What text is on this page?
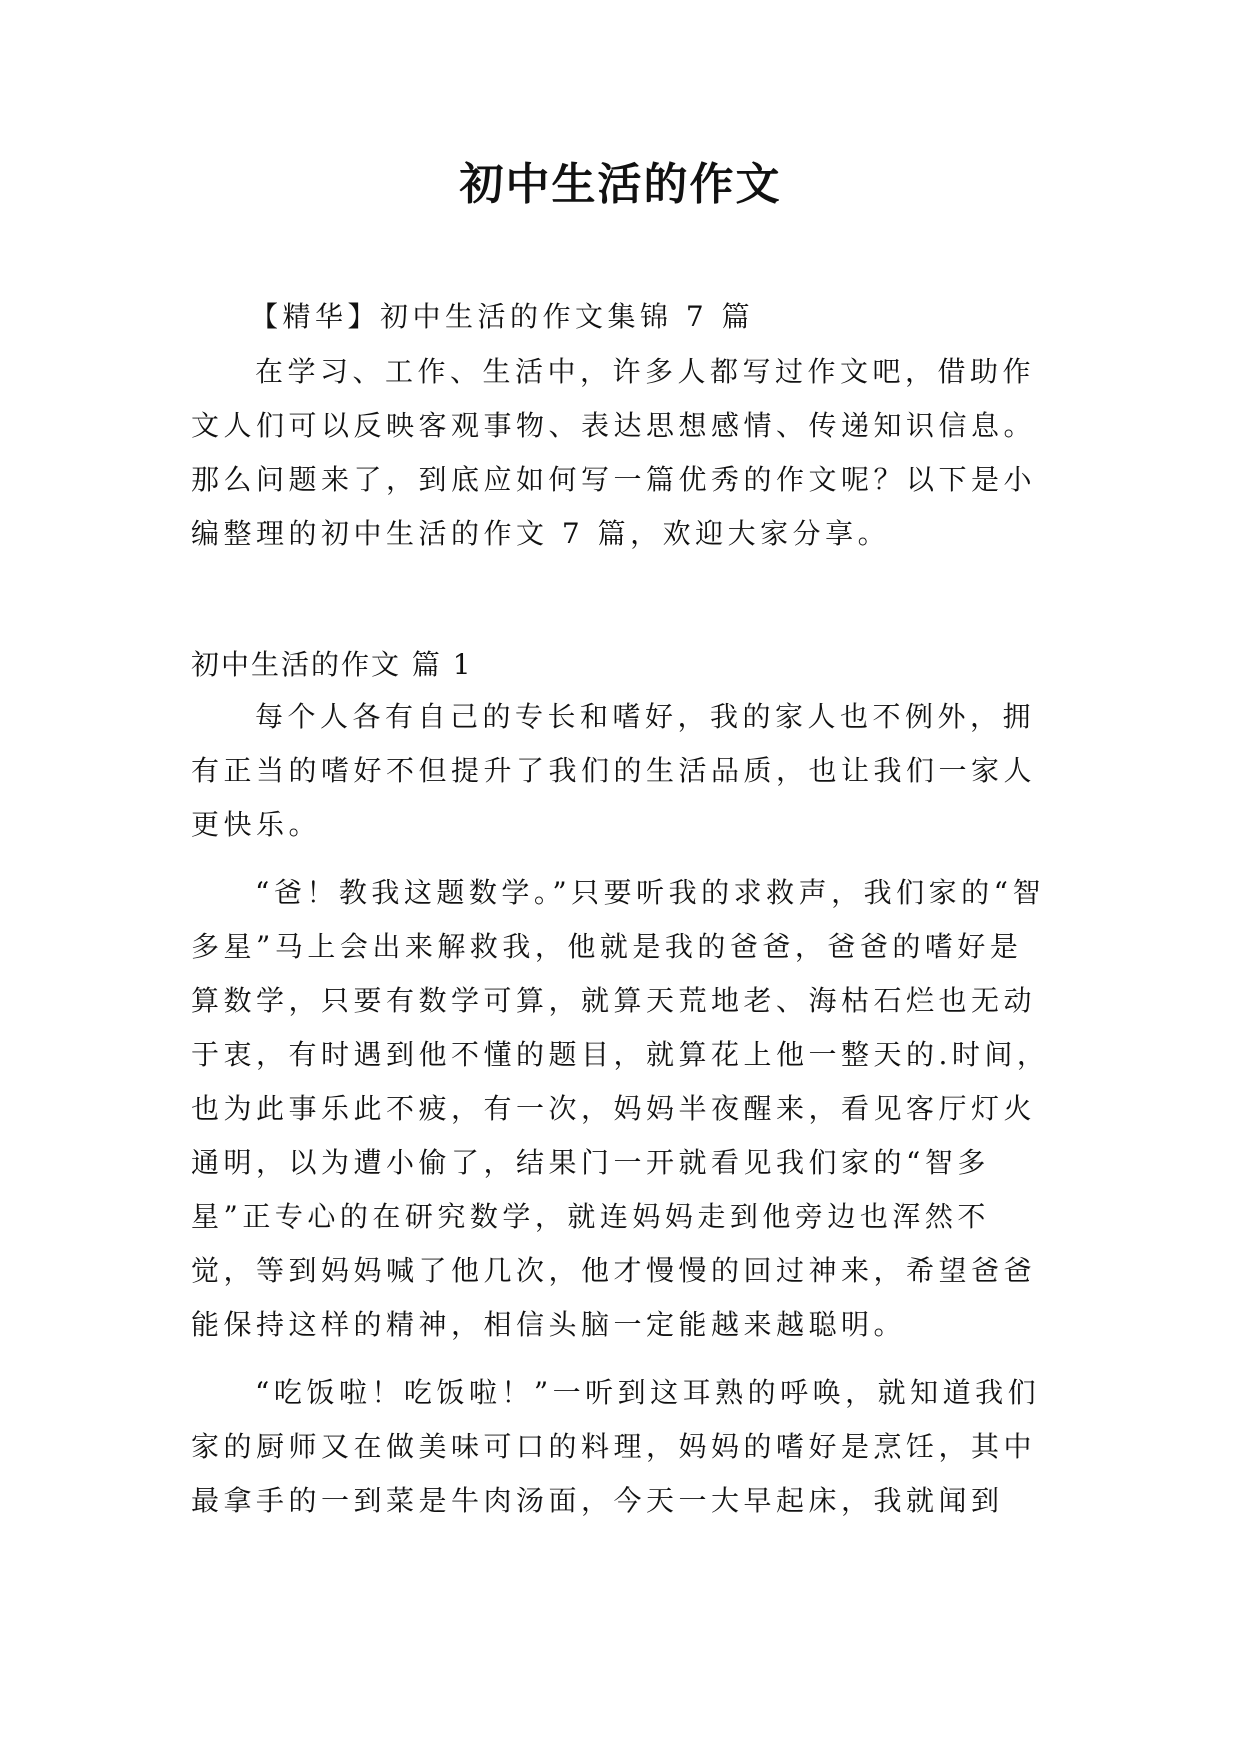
初中生活的作文

【精华】初中生活的作文集锦 7 篇

在学习、工作、生活中，许多人都写过作文吧，借助作文人们可以反映客观事物、表达思想感情、传递知识信息。那么问题来了，到底应如何写一篇优秀的作文呢？以下是小编整理的初中生活的作文 7 篇，欢迎大家分享。

初中生活的作文 篇 1

每个人各有自己的专长和嗜好，我的家人也不例外，拥有正当的嗜好不但提升了我们的生活品质，也让我们一家人更快乐。

“爸！教我这题数学。”只要听我的求救声，我们家的“智多星”马上会出来解救我，他就是我的爸爸，爸爸的嗜好是算数学，只要有数学可算，就算天荒地老、海枯石烂也无动于衷，有时遇到他不懂的题目，就算花上他一整天的.时间，也为此事乐此不疲，有一次，妈妈半夜醒来，看见客厅灯火通明，以为遭小偷了，结果门一开就看见我们家的“智多星”正专心的在研究数学，就连妈妈走到他旁边也浑然不觉，等到妈妈喊了他几次，他才慢慢的回过神来，希望爸爸能保持这样的精神，相信头脑一定能越来越聪明。

“吃饭啦！吃饭啦！”一听到这耳熟的呼唤，就知道我们家的厨师又在做美味可口的料理，妈妈的嗜好是烹饪，其中最拿手的一到菜是牛肉汤面，今天一大早起床，我就闻到
